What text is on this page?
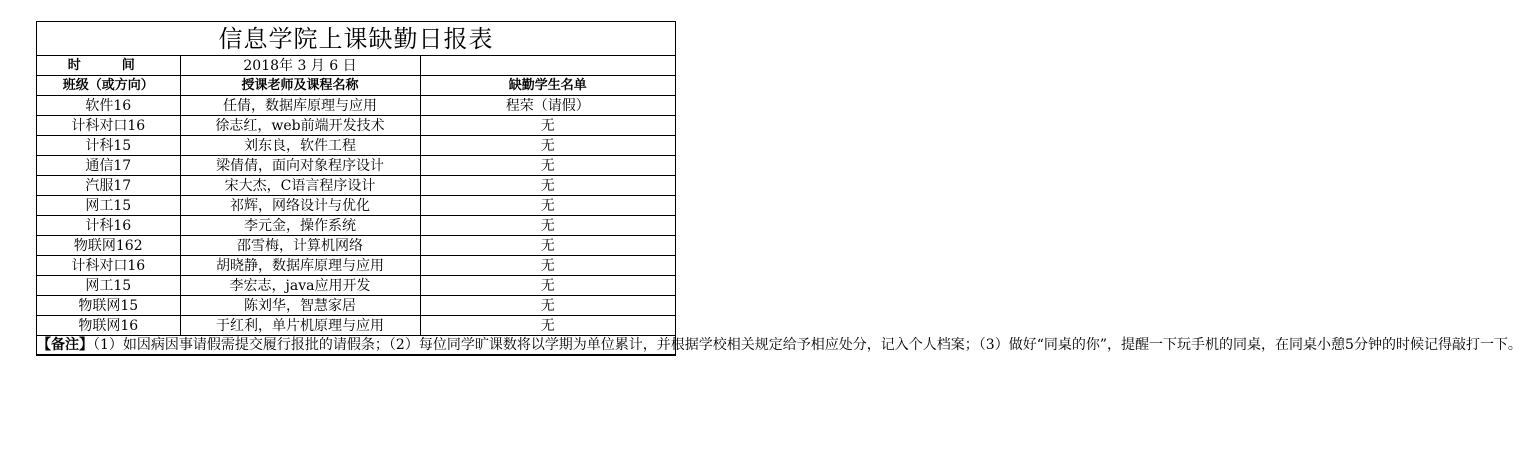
信息学院上课缺勤日报表		
时　间	2018年 3 月 6 日	
班级（或方向）	授课老师及课程名称	缺勤学生名单
软件16	任倩，数据库原理与应用	程荣（请假）
计科对口16	徐志红，web前端开发技术	无
计科15	刘东良，软件工程	无
通信17	梁倩倩，面向对象程序设计	无
汽服17	宋大杰，C语言程序设计	无
网工15	祁辉，网络设计与优化	无
计科16	李元金，操作系统	无
物联网162	邵雪梅，计算机网络	无
计科对口16	胡晓静，数据库原理与应用	无
网工15	李宏志，java应用开发	无
物联网15	陈刘华，智慧家居	无
物联网16	于红利，单片机原理与应用	无
【备注】（1）如因病因事请假需提交履行报批的请假条；（2）每位同学旷课数将以学期为单位累计，并根据学校相关规定给予相应处分，记入个人档案；（3）做好“同桌的你”，提醒一下玩手机的同桌，在同桌小憩5分钟的时候记得敲打一下。		
